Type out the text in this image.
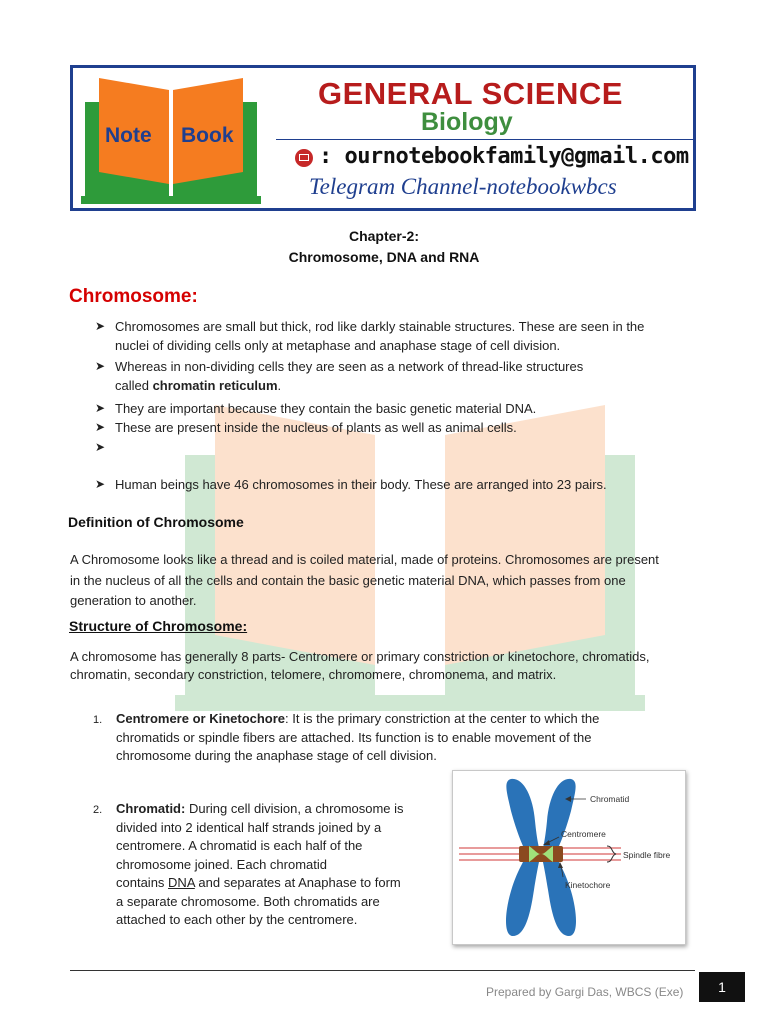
Note Book
GENERAL SCIENCE
Biology
: ournotebookfamily@gmail.com
Telegram Channel-notebookwbcs
Chapter-2:
Chromosome, DNA and RNA
Chromosome:
➤ Chromosomes are small but thick, rod like darkly stainable structures. These are seen in the
nuclei of dividing cells only at metaphase and anaphase stage of cell division.
➤ Whereas in non-dividing cells they are seen as a network of thread-like structures
called chromatin reticulum.
➤ They are important because they contain the basic genetic material DNA.
➤ These are present inside the nucleus of plants as well as animal cells.
➤
➤ Human beings have 46 chromosomes in their body. These are arranged into 23 pairs.
Definition of Chromosome
A Chromosome looks like a thread and is coiled material, made of proteins. Chromosomes are present
in the nucleus of all the cells and contain the basic genetic material DNA, which passes from one
generation to another.
Structure of Chromosome:
A chromosome has generally 8 parts- Centromere or primary constriction or kinetochore, chromatids,
chromatin, secondary constriction, telomere, chromomere, chromonema, and matrix.
1. Centromere or Kinetochore: It is the primary constriction at the center to which the
chromatids or spindle fibers are attached. Its function is to enable movement of the
chromosome during the anaphase stage of cell division.
2. Chromatid: During cell division, a chromosome is
divided into 2 identical half strands joined by a
centromere. A chromatid is each half of the
chromosome joined. Each chromatid
contains DNA and separates at Anaphase to form
a separate chromosome. Both chromatids are
attached to each other by the centromere.
Chromatid
Centromere
Spindle fibre
Kinetochore
Prepared by Gargi Das, WBCS (Exe)	1
